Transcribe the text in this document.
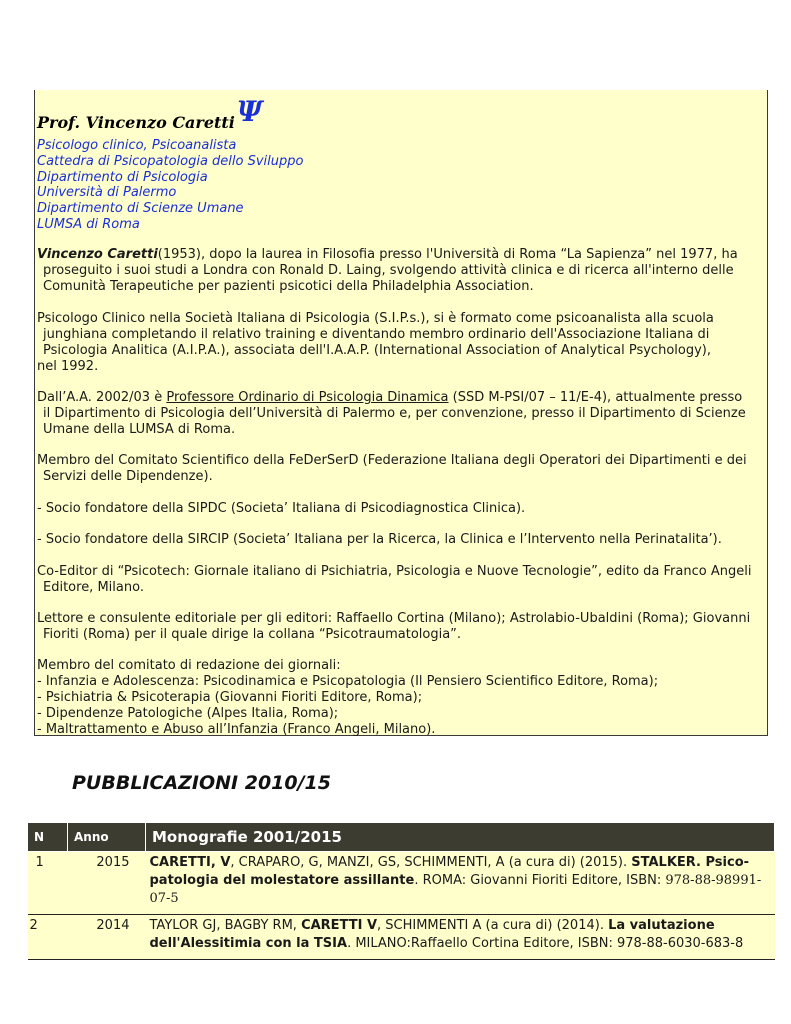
Prof. Vincenzo Caretti Ψ
Psicologo clinico, Psicoanalista
Cattedra di Psicopatologia dello Sviluppo
Dipartimento di Psicologia
Università di Palermo
Dipartimento di Scienze Umane
LUMSA di Roma

Vincenzo Caretti(1953), dopo la laurea in Filosofia presso l'Università di Roma “La Sapienza” nel 1977, ha
proseguito i suoi studi a Londra con Ronald D. Laing, svolgendo attività clinica e di ricerca all'interno delle
Comunità Terapeutiche per pazienti psicotici della Philadelphia Association.

Psicologo Clinico nella Società Italiana di Psicologia (S.I.P.s.), si è formato come psicoanalista alla scuola
junghiana completando il relativo training e diventando membro ordinario dell'Associazione Italiana di
Psicologia Analitica (A.I.P.A.), associata dell'I.A.A.P. (International Association of Analytical Psychology),
nel 1992.

Dall’A.A. 2002/03 è Professore Ordinario di Psicologia Dinamica (SSD M-PSI/07 – 11/E-4), attualmente presso
il Dipartimento di Psicologia dell’Università di Palermo e, per convenzione, presso il Dipartimento di Scienze
Umane della LUMSA di Roma.

Membro del Comitato Scientifico della FeDerSerD (Federazione Italiana degli Operatori dei Dipartimenti e dei
Servizi delle Dipendenze).

- Socio fondatore della SIPDC (Societa’ Italiana di Psicodiagnostica Clinica).

- Socio fondatore della SIRCIP (Societa’ Italiana per la Ricerca, la Clinica e l’Intervento nella Perinatalita’).

Co-Editor di “Psicotech: Giornale italiano di Psichiatria, Psicologia e Nuove Tecnologie”, edito da Franco Angeli
Editore, Milano.

Lettore e consulente editoriale per gli editori: Raffaello Cortina (Milano); Astrolabio-Ubaldini (Roma); Giovanni
Fioriti (Roma) per il quale dirige la collana “Psicotraumatologia”.

Membro del comitato di redazione dei giornali:
- Infanzia e Adolescenza: Psicodinamica e Psicopatologia (Il Pensiero Scientifico Editore, Roma);
- Psichiatria & Psicoterapia (Giovanni Fioriti Editore, Roma);
- Dipendenze Patologiche (Alpes Italia, Roma);
- Maltrattamento e Abuso all’Infanzia (Franco Angeli, Milano).

PUBBLICAZIONI 2010/15
N	Anno	Monografie 2001/2015
1	2015	CARETTI, V, CRAPARO, G, MANZI, GS, SCHIMMENTI, A (a cura di) (2015). STALKER. Psico-patologia del molestatore assillante. ROMA: Giovanni Fioriti Editore, ISBN: 978-88-98991-07-5
2	2014	TAYLOR GJ, BAGBY RM, CARETTI V, SCHIMMENTI A (a cura di) (2014). La valutazione dell'Alessitimia con la TSIA. MILANO:Raffaello Cortina Editore, ISBN: 978-88-6030-683-8
